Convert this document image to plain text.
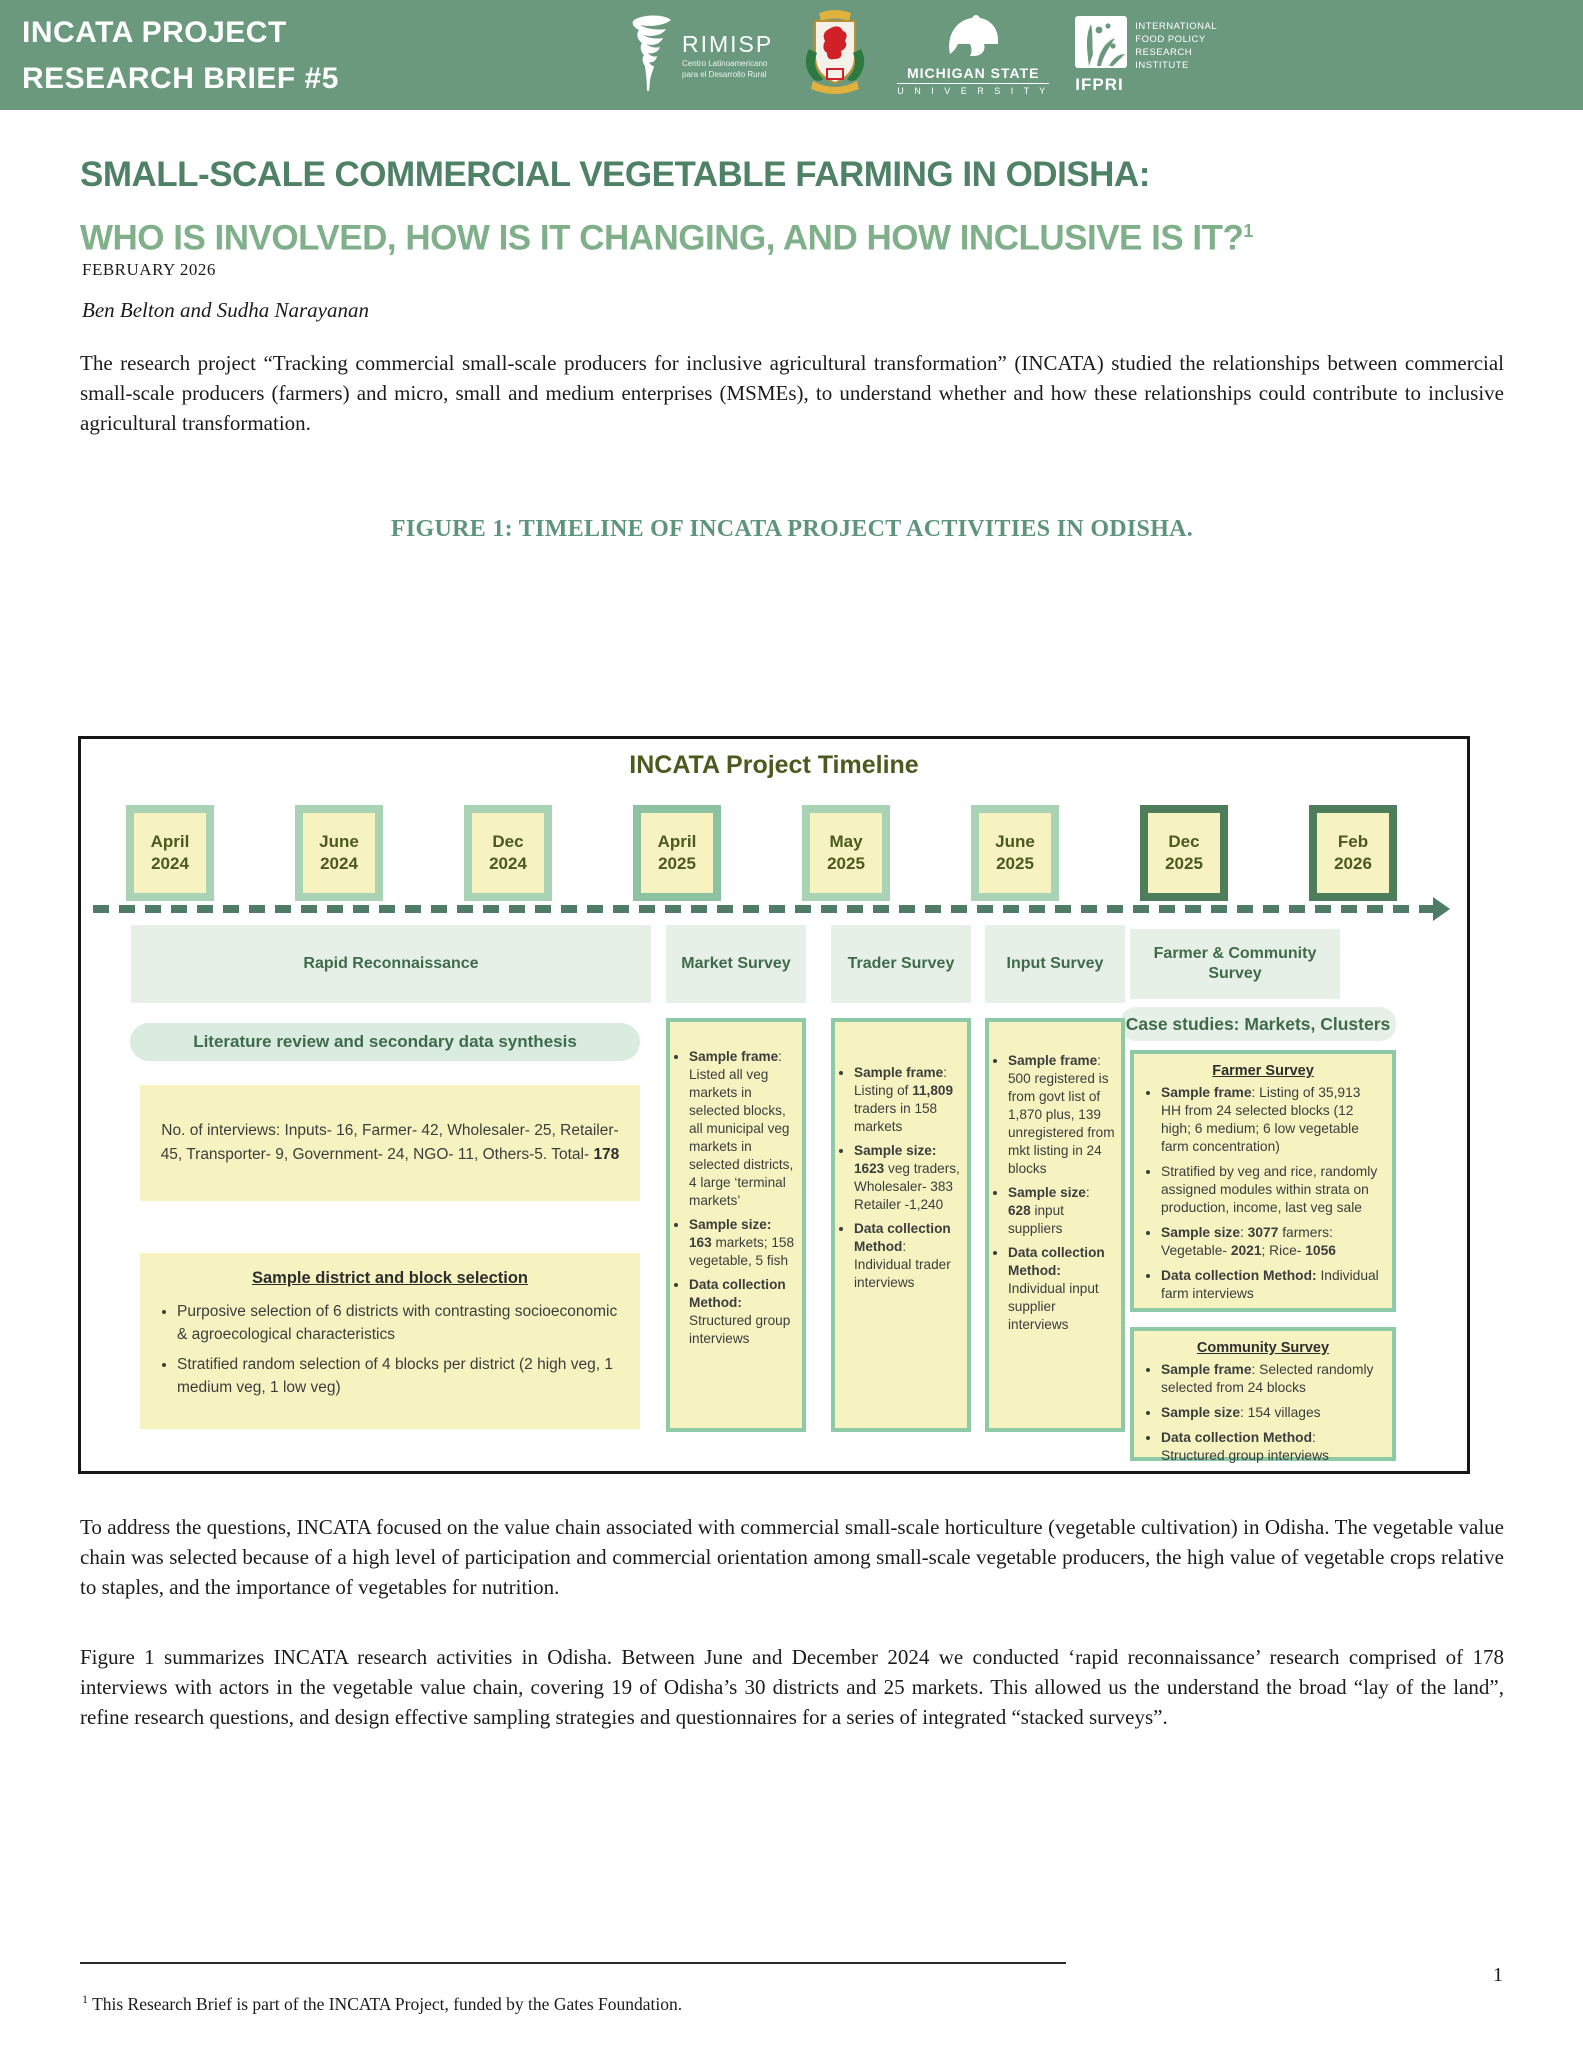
INCATA PROJECT
RESEARCH BRIEF #5
RIMISP
Centro Latinoamericano
para el Desarrollo Rural	MICHIGAN STATE
U N I V E R S I T Y IFPRI
INTERNATIONAL
FOOD POLICY
RESEARCH
INSTITUTE
SMALL-SCALE COMMERCIAL VEGETABLE FARMING IN ODISHA:
WHO IS INVOLVED, HOW IS IT CHANGING, AND HOW INCLUSIVE IS IT?$^1$
FEBRUARY 2026
Ben Belton and Sudha Narayanan
The research project “Tracking commercial small-scale producers for inclusive agricultural transformation” (INCATA) studied the relationships between commercial small-scale producers (farmers) and micro, small and medium enterprises (MSMEs), to understand whether and how these relationships could contribute to inclusive agricultural transformation.
FIGURE 1: TIMELINE OF INCATA PROJECT ACTIVITIES IN ODISHA.
INCATA Project Timeline
April
2024
June
2024
Dec
2024
April
2025
May
2025
June
2025
Dec
2025
Feb
2026
Rapid Reconnaissance	Market Survey	Trader Survey	Input Survey
Farmer & Community Survey
Literature review and secondary data synthesis
Case studies: Markets, Clusters
No. of interviews: Inputs- 16, Farmer- 42, Wholesaler- 25, Retailer-45, Transporter- 9, Government- 24, NGO- 11, Others-5. Total- 178
Sample district and block selection
• Purposive selection of 6 districts with contrasting socioeconomic & agroecological characteristics
• Stratified random selection of 4 blocks per district (2 high veg, 1 medium veg, 1 low veg)
• Sample frame: Listed all veg markets in selected blocks, all municipal veg markets in selected districts, 4 large ‘terminal markets’
• Sample size: 163 markets; 158 vegetable, 5 fish
• Data collection Method: Structured group interviews
• Sample frame: Listing of 11,809 traders in 158 markets
• Sample size: 1623 veg traders, Wholesaler- 383 Retailer -1,240
• Data collection Method: Individual trader interviews
• Sample frame: 500 registered is from govt list of 1,870 plus, 139 unregistered from mkt listing in 24 blocks
• Sample size: 628 input suppliers
• Data collection Method: Individual input supplier interviews
Farmer Survey
• Sample frame: Listing of 35,913 HH from 24 selected blocks (12 high; 6 medium; 6 low vegetable farm concentration)
• Stratified by veg and rice, randomly assigned modules within strata on production, income, last veg sale
• Sample size: 3077 farmers: Vegetable- 2021; Rice- 1056
• Data collection Method: Individual farm interviews
Community Survey
• Sample frame: Selected randomly selected from 24 blocks
• Sample size: 154 villages
• Data collection Method: Structured group interviews
To address the questions, INCATA focused on the value chain associated with commercial small-scale horticulture (vegetable cultivation) in Odisha. The vegetable value chain was selected because of a high level of participation and commercial orientation among small-scale vegetable producers, the high value of vegetable crops relative to staples, and the importance of vegetables for nutrition.
Figure 1 summarizes INCATA research activities in Odisha. Between June and December 2024 we conducted ‘rapid reconnaissance’ research comprised of 178 interviews with actors in the vegetable value chain, covering 19 of Odisha’s 30 districts and 25 markets. This allowed us the understand the broad “lay of the land”, refine research questions, and design effective sampling strategies and questionnaires for a series of integrated “stacked surveys”.
1
$^1$ This Research Brief is part of the INCATA Project, funded by the Gates Foundation.
